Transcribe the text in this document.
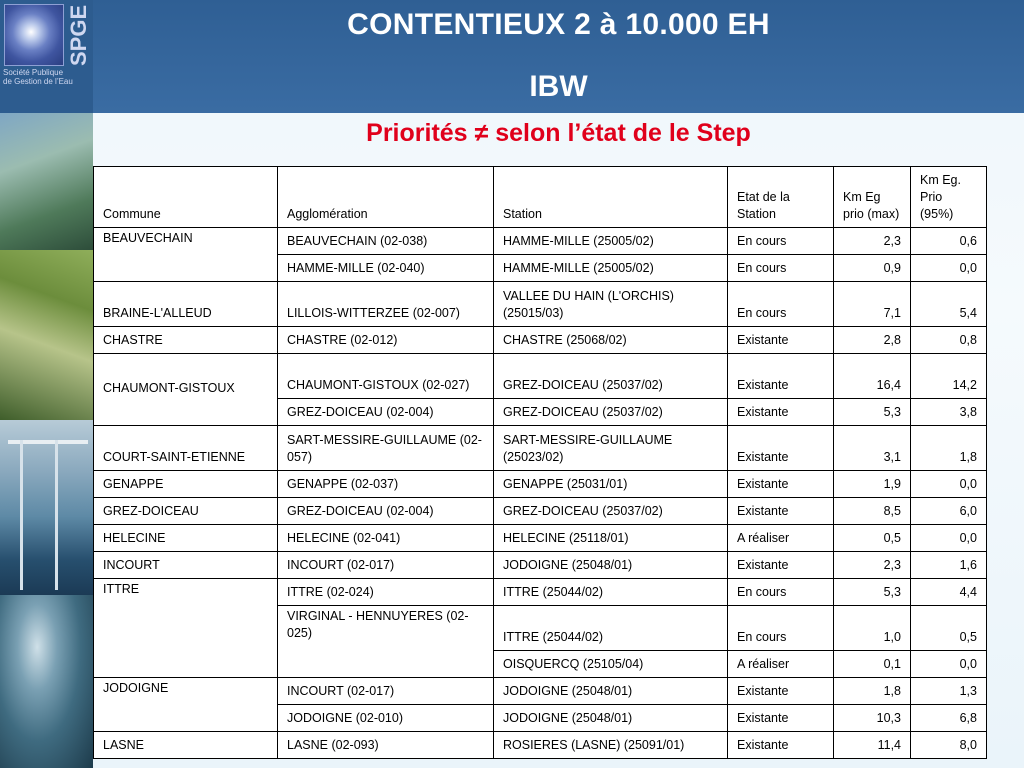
SPGE
Société Publique de Gestion de l’Eau
CONTENTIEUX 2 à 10.000 EH
IBW
Priorités ≠ selon l’état de le Step
Commune	Agglomération	Station	Etat de la Station	Km Eg prio (max)	Km Eg. Prio (95%)
BEAUVECHAIN	BEAUVECHAIN (02-038)	HAMME-MILLE (25005/02)	En cours	2,3	0,6
	HAMME-MILLE (02-040)	HAMME-MILLE (25005/02)	En cours	0,9	0,0
BRAINE-L'ALLEUD	LILLOIS-WITTERZEE (02-007)	VALLEE DU HAIN (L'ORCHIS) (25015/03)	En cours	7,1	5,4
CHASTRE	CHASTRE (02-012)	CHASTRE (25068/02)	Existante	2,8	0,8
CHAUMONT-GISTOUX	CHAUMONT-GISTOUX (02-027)	GREZ-DOICEAU (25037/02)	Existante	16,4	14,2
	GREZ-DOICEAU (02-004)	GREZ-DOICEAU (25037/02)	Existante	5,3	3,8
COURT-SAINT-ETIENNE	SART-MESSIRE-GUILLAUME (02-057)	SART-MESSIRE-GUILLAUME (25023/02)	Existante	3,1	1,8
GENAPPE	GENAPPE (02-037)	GENAPPE (25031/01)	Existante	1,9	0,0
GREZ-DOICEAU	GREZ-DOICEAU (02-004)	GREZ-DOICEAU (25037/02)	Existante	8,5	6,0
HELECINE	HELECINE (02-041)	HELECINE (25118/01)	A réaliser	0,5	0,0
INCOURT	INCOURT (02-017)	JODOIGNE (25048/01)	Existante	2,3	1,6
ITTRE	ITTRE (02-024)	ITTRE (25044/02)	En cours	5,3	4,4
	VIRGINAL - HENNUYERES (02-025)	ITTRE (25044/02)	En cours	1,0	0,5
		OISQUERCQ (25105/04)	A réaliser	0,1	0,0
JODOIGNE	INCOURT (02-017)	JODOIGNE (25048/01)	Existante	1,8	1,3
	JODOIGNE (02-010)	JODOIGNE (25048/01)	Existante	10,3	6,8
LASNE	LASNE (02-093)	ROSIERES (LASNE) (25091/01)	Existante	11,4	8,0
